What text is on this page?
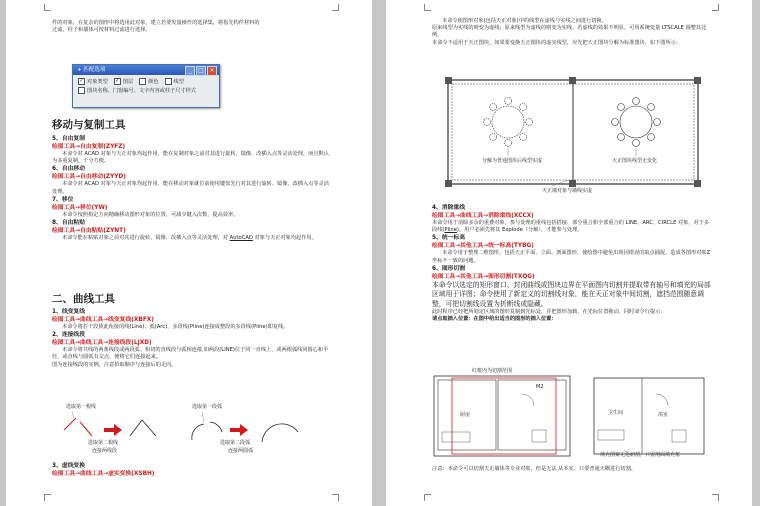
件的对象，在复杂的图形中将选用此对象，建立若要发量操作的选择集，将指先构件材料的

过滤，柱子和墙体可按材料过滤进行选择。

+ 匹配选项	_	□ ✕
✓ 对象类型 ✓ 图层	颜色	线型
图块名称、门窗编号、文字内容或柱子尺寸样式

移动与复制工具

5、自由复制

绘图工具→自由复制(ZYFZ)

本命令对 ACAD 对象与天正对象均起作用，能在复制对象之前对其进行旋转、镜像、改插入点等灵活处理，而且默认为多重复制，十分方便。

6、自由移动

绘图工具→自由移动(ZYYD)

本命令对 ACAD 对象与天正对象均起作用，能在移动对象就位前使用键盘先行对其进行旋转、镜像、改插入点等灵活处理。

7、移位

绘图工具→移位(YW)

本命令按照指定方向精确移动图形对象的位置，可减少键入次数，提高效率。

8、自由粘贴

绘图工具→自由粘贴(ZYNT)

本命令能在粘贴对象之前对其进行旋转、镜像、改插入点等灵活处理，对 AutoCAD 对象与天正对象均起作用。

二、曲线工具

1、线变复线

绘图工具→曲线工具→线变复线(XBFX)

本命令将若干段彼此衔接的线(Line)、弧(Arc)、多段线(Pline)连接成整段的多段线(Pline)即复线。

2、连接线段

绘图工具→曲线工具→连接线段(LJXD)

本命令将共线的两条线段或两段弧、相切的直线段与弧相连接,如两段(LINE)位于同一直线上，或两根弧线同圆心和半径，或直线与圆弧有交点，便将它们连接起来。

图为连接线段的实例，注意拾取顺序与连接后的走向。

选取第一根线
选取第二根线
连接两线段
选取第一段弧
选取第二段弧
连接两圆弧

3、虚线变换

绘图工具→曲线工具→虚实变换(XSBH)

本命令使图形对象(包括天正对象)中的线型在虚线与实线之间进行切换。

原来线型为实线的则变为虚线；原来线型为虚线的则变为实线，若虚线的效果不明显，可用系统变量 LTSCALE 调整其比例。

本命令不适用于天正图块，如果要变换天正图块的虚实线型，应先把天正图块分解为标准图块，如下图所示：

分解为普通图块后线型实虚	天正图块线型无变化
天正墙对象与墙线实虚

4、消除重线

绘图工具→曲线工具→消除重线(XCCX)

本命令用于消除多余的重叠对象，参与处理的重线包括搭接、部分重合和全部重合的 LINE、ARC、CIRCLE 对象，对于多段线(Pline)，用户必须先将其 Explode（分解），才能参与处理。

5、统一标高

绘图工具→其他工具→统一标高(TYBG)

本命令用于整理二维图形，包括天正平面、立面、剖面图形，使绘图中避免出现因错误的取点捕捉，造成各图形对象Z坐标不一致的问题。

6、图形切割

绘图工具→其他工具→图形切割(TXQG)

本命令以选定的矩形窗口、封闭曲线或图块边界在平面图内切割并提取带有轴号和填充的局部区域用于详图；命令使用了新定义的切割线对象，能在天正对象中间切割，遮挡范围随意调整，可把切割线设置为折断线或隐藏。

此时程序已经把所划定区域的图形复制到光标处，并把图形加载，在光标位置拖动，同时命令行提示：

请点取插入位置：在图中给出适当的图形的插入位置：

红框内为切割范围
填充图案无边切割，只留剖面填充框
厨房
M2
卫生间	浴室

注意：本命令可以切割天正墙体等专业对象，但是无法 从本室、只要普通天棚进行切割。
